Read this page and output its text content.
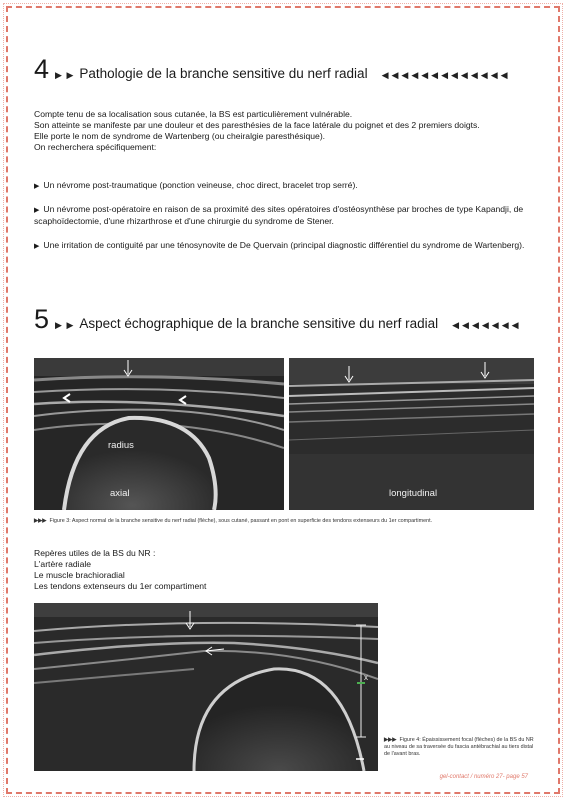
4 ▶ ▶ Pathologie de la branche sensitive du nerf radial ◀◀◀◀◀◀◀◀◀◀◀◀◀

Compte tenu de sa localisation sous cutanée, la BS est particulièrement vulnérable.

Son atteinte se manifeste par une douleur et des paresthésies de la face latérale du poignet et des 2 premiers doigts.

Elle porte le nom de syndrome de Wartenberg (ou cheiralgie paresthésique).

On recherchera spécifiquement:

▶ Un névrome post-traumatique (ponction veineuse, choc direct, bracelet trop serré).
▶ Un névrome post-opératoire en raison de sa proximité des sites opératoires d'ostéosynthèse par broches de type Kapandji, de scaphoïdectomie, d'une rhizarthrose et d'une chirurgie du syndrome de Stener.
▶ Une irritation de contiguité par une ténosynovite de De Quervain (principal diagnostic différentiel du syndrome de Wartenberg).
5 ▶ ▶ Aspect échographique de la branche sensitive du nerf radial ◀◀◀◀◀◀◀
radius
axial	longitudinal
▶▶▶ Figure 3: Aspect normal de la branche sensitive du nerf radial (flèche), sous cutané, passant en pont en superficie des tendons extenseurs du 1er compartiment.
Repères utiles de la BS du NR :
L'artère radiale
Le muscle brachioradial
Les tendons extenseurs du 1er compartiment
x
▶▶▶ Figure 4: Épaississement focal (flèches) de la BS du NR au niveau de sa traversée du fascia antébrachial au tiers distal de l'avant bras.
gel-contact / numéro 27- page 57
